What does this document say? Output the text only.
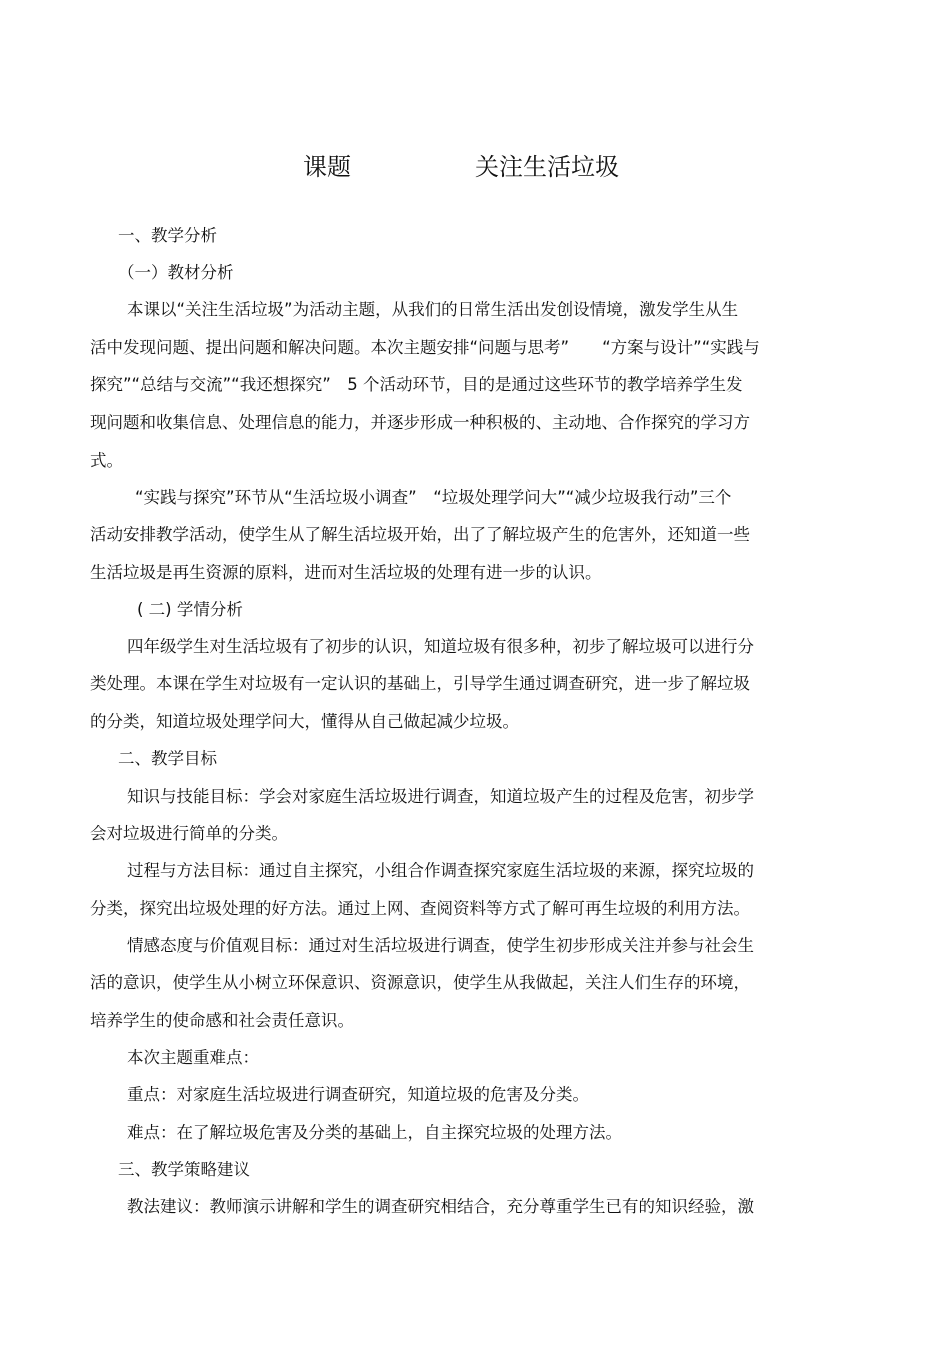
课题	关注生活垃圾
一、教学分析
（一）教材分析
本课以“关注生活垃圾”为活动主题，从我们的日常生活出发创设情境，激发学生从生
活中发现问题、提出问题和解决问题。本次主题安排“问题与思考”　　“方案与设计”“实践与
探究”“总结与交流”“我还想探究”　5 个活动环节，目的是通过这些环节的教学培养学生发
现问题和收集信息、处理信息的能力，并逐步形成一种积极的、主动地、合作探究的学习方
式。
“实践与探究”环节从“生活垃圾小调查”　“垃圾处理学问大”“减少垃圾我行动”三个
活动安排教学活动，使学生从了解生活垃圾开始，出了了解垃圾产生的危害外，还知道一些
生活垃圾是再生资源的原料，进而对生活垃圾的处理有进一步的认识。
( 二) 学情分析
四年级学生对生活垃圾有了初步的认识，知道垃圾有很多种，初步了解垃圾可以进行分
类处理。本课在学生对垃圾有一定认识的基础上，引导学生通过调查研究，进一步了解垃圾
的分类，知道垃圾处理学问大，懂得从自己做起减少垃圾。
二、教学目标
知识与技能目标：学会对家庭生活垃圾进行调查，知道垃圾产生的过程及危害，初步学
会对垃圾进行简单的分类。
过程与方法目标：通过自主探究，小组合作调查探究家庭生活垃圾的来源，探究垃圾的
分类，探究出垃圾处理的好方法。通过上网、查阅资料等方式了解可再生垃圾的利用方法。
情感态度与价值观目标：通过对生活垃圾进行调查，使学生初步形成关注并参与社会生
活的意识，使学生从小树立环保意识、资源意识，使学生从我做起，关注人们生存的环境，
培养学生的使命感和社会责任意识。
本次主题重难点：
重点：对家庭生活垃圾进行调查研究，知道垃圾的危害及分类。
难点：在了解垃圾危害及分类的基础上，自主探究垃圾的处理方法。
三、教学策略建议
教法建议：教师演示讲解和学生的调查研究相结合，充分尊重学生已有的知识经验，激
